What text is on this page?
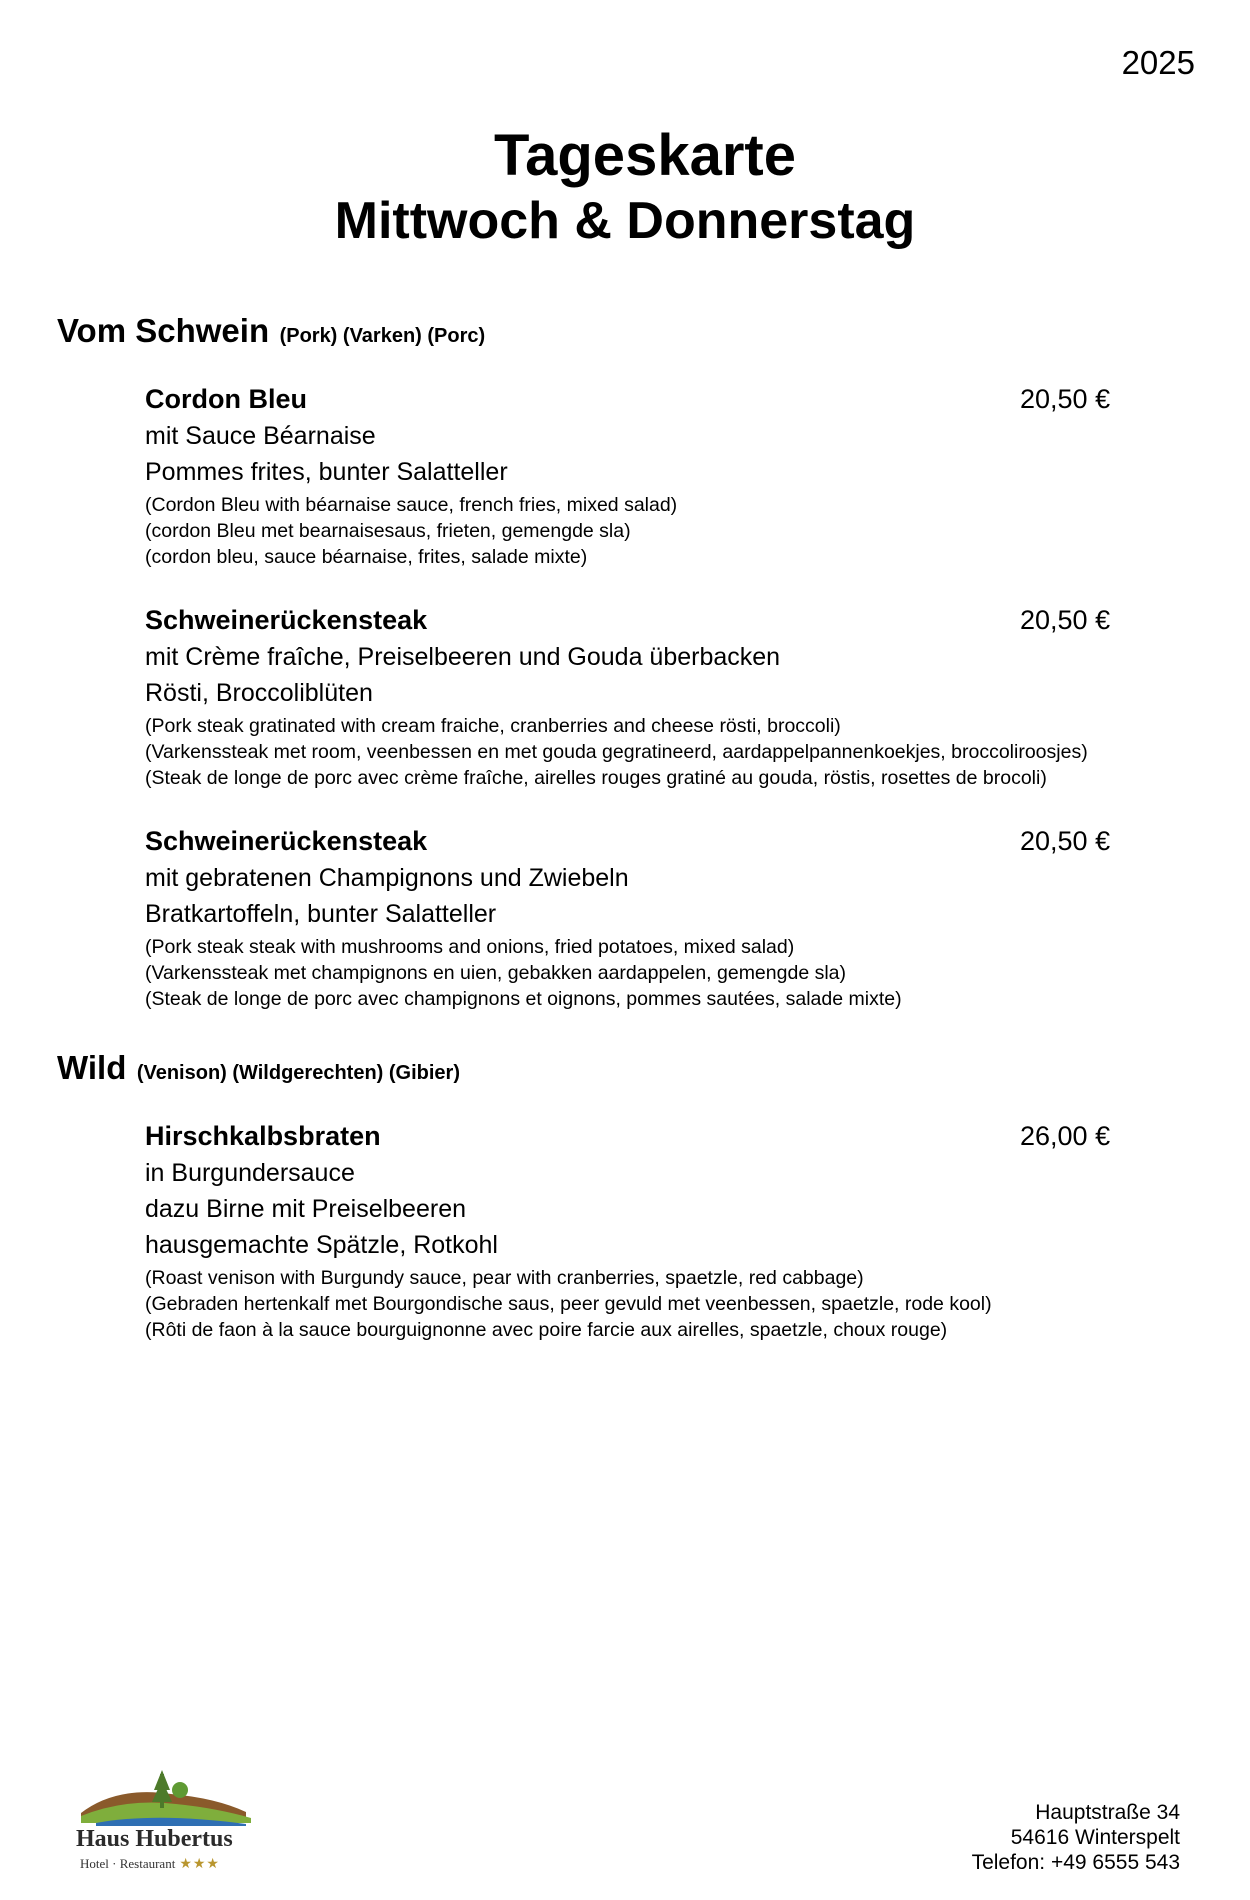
2025
Tageskarte
Mittwoch & Donnerstag
Vom Schwein (Pork) (Varken) (Porc)
Cordon Bleu	20,50 €
mit Sauce Béarnaise
Pommes frites, bunter Salatteller
(Cordon Bleu with béarnaise sauce, french fries, mixed salad)
(cordon Bleu met bearnaisesaus, frieten, gemengde sla)
(cordon bleu, sauce béarnaise, frites, salade mixte)
Schweinerückensteak	20,50 €
mit Crème fraîche, Preiselbeeren und Gouda überbacken
Rösti, Broccoliblüten
(Pork steak gratinated with cream fraiche, cranberries and cheese rösti, broccoli)
(Varkenssteak met room, veenbessen en met gouda gegratineerd, aardappelpannenkoekjes, broccoliroosjes)
(Steak de longe de porc avec crème fraîche, airelles rouges gratiné au gouda, röstis, rosettes de brocoli)
Schweinerückensteak	20,50 €
mit gebratenen Champignons und Zwiebeln
Bratkartoffeln, bunter Salatteller
(Pork steak steak with mushrooms and onions, fried potatoes, mixed salad)
(Varkenssteak met champignons en uien, gebakken aardappelen, gemengde sla)
(Steak de longe de porc avec champignons et oignons, pommes sautées, salade mixte)
Wild (Venison) (Wildgerechten) (Gibier)
Hirschkalbsbraten	26,00 €
in Burgundersauce
dazu Birne mit Preiselbeeren
hausgemachte Spätzle, Rotkohl
(Roast venison with Burgundy sauce, pear with cranberries, spaetzle, red cabbage)
(Gebraden hertenkalf met Bourgondische saus, peer gevuld met veenbessen, spaetzle, rode kool)
(Rôti de faon à la sauce bourguignonne avec poire farcie aux airelles, spaetzle, choux rouge)
Haus Hubertus
Hotel · Restaurant ★★★
Hauptstraße 34
54616 Winterspelt
Telefon: +49 6555 543
